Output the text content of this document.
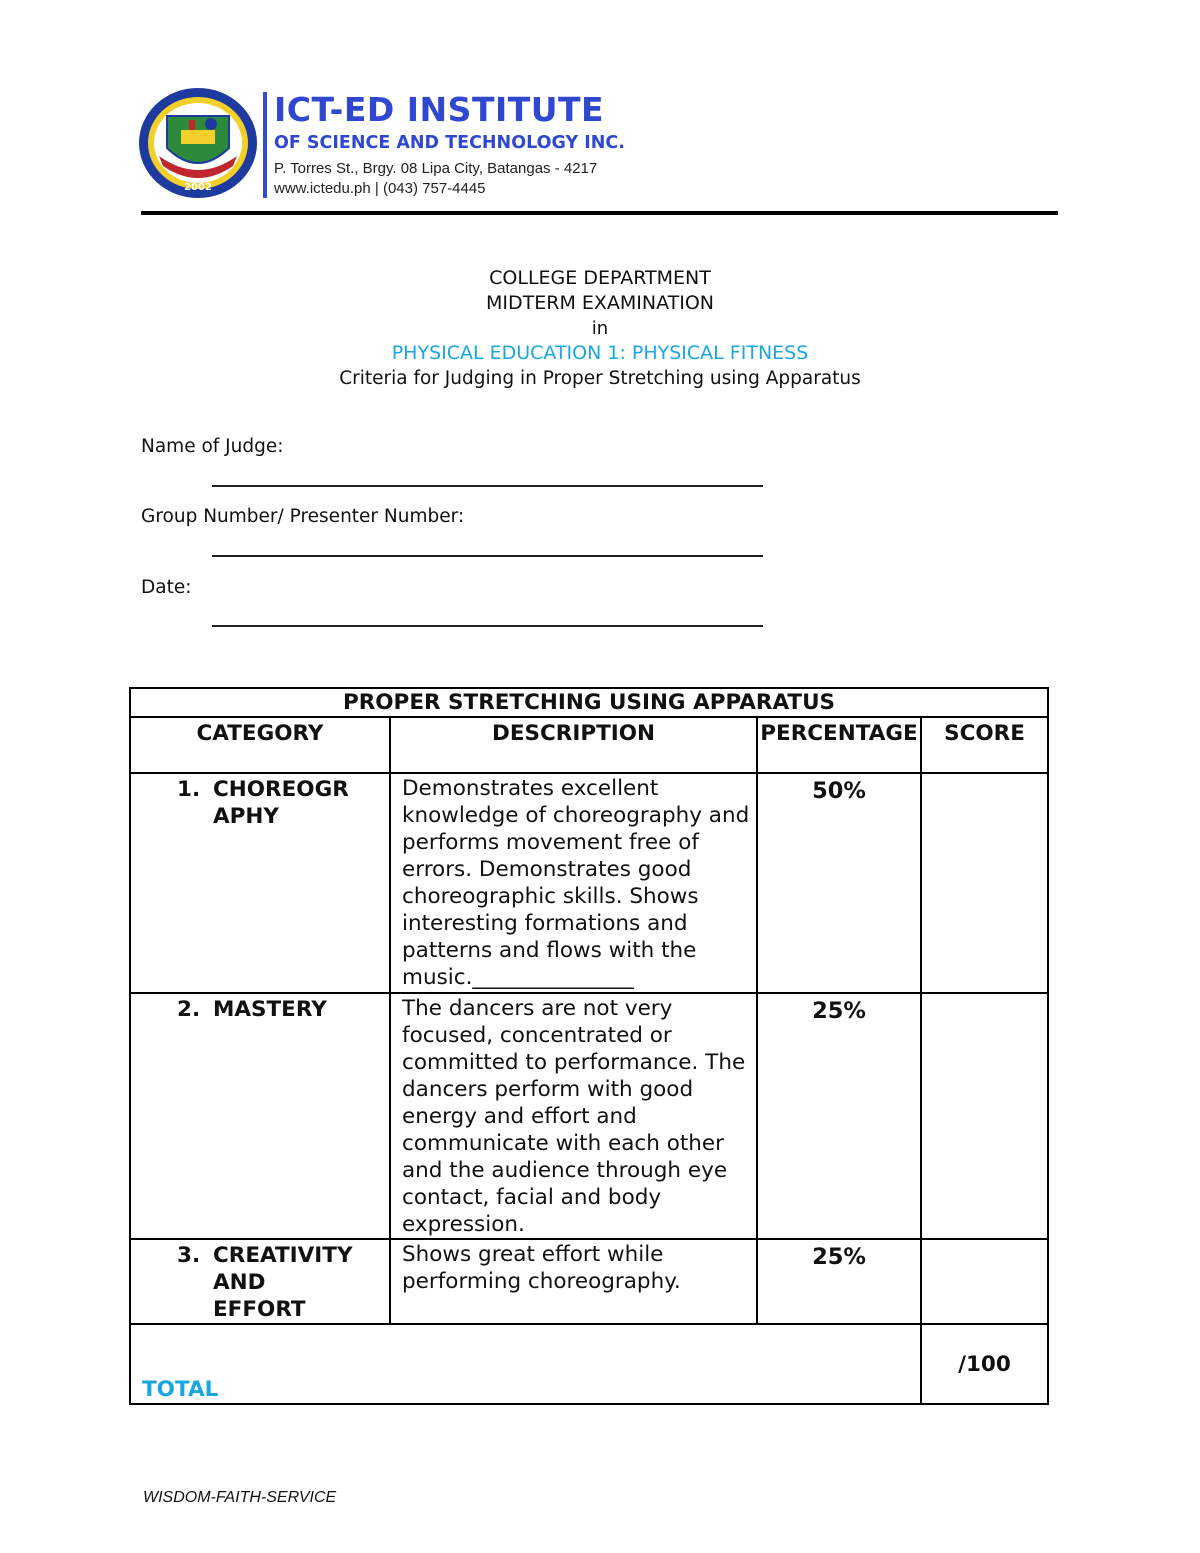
2002
ICT-ED INSTITUTE
OF SCIENCE AND TECHNOLOGY INC.
P. Torres St., Brgy. 08 Lipa City, Batangas - 4217
www.ictedu.ph | (043) 757-4445
COLLEGE DEPARTMENT
MIDTERM EXAMINATION
in
PHYSICAL EDUCATION 1: PHYSICAL FITNESS
Criteria for Judging in Proper Stretching using Apparatus
Name of Judge:
Group Number/ Presenter Number:
Date:
PROPER STRETCHING USING APPARATUS			
CATEGORY	DESCRIPTION	PERCENTAGE	SCORE

1. CHOREOGRAPHY	Demonstrates excellent knowledge of choreography and performs movement free of errors. Demonstrates good choreographic skills. Shows interesting formations and patterns and flows with the music._______________	50%	

2. MASTERY	The dancers are not very focused, concentrated or committed to performance. The dancers perform with good energy and effort and communicate with each other and the audience through eye contact, facial and body expression.	25%	

3. CREATIVITY AND EFFORT	Shows great effort while performing choreography.	25%	
TOTAL			/100
WISDOM-FAITH-SERVICE
